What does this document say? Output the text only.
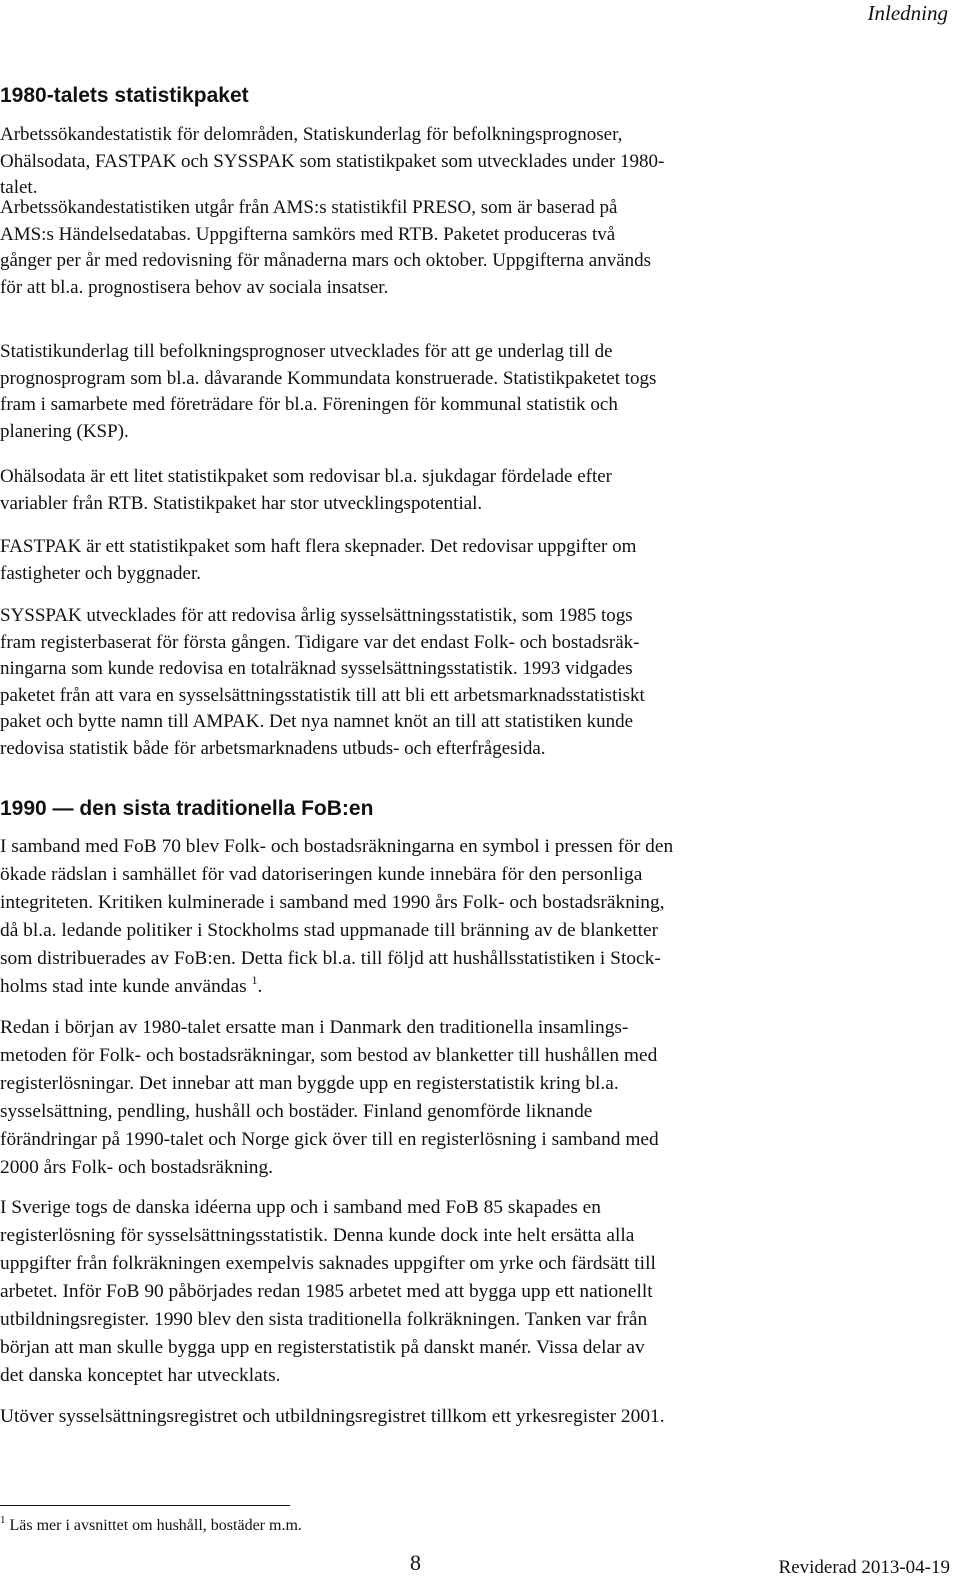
Inledning
1980-talets statistikpaket
Arbetssökandestatistik för delområden, Statiskunderlag för befolkningsprognoser,
Ohälsodata, FASTPAK och SYSSPAK som statistikpaket som utvecklades under 1980-
talet.
Arbetssökandestatistiken utgår från AMS:s statistikfil PRESO, som är baserad på
AMS:s Händelsedatabas. Uppgifterna samkörs med RTB. Paketet produceras två
gånger per år med redovisning för månaderna mars och oktober. Uppgifterna används
för att bl.a. prognostisera behov av sociala insatser.
Statistikunderlag till befolkningsprognoser utvecklades för att ge underlag till de
prognosprogram som bl.a. dåvarande Kommundata konstruerade. Statistikpaketet togs
fram i samarbete med företrädare för bl.a. Föreningen för kommunal statistik och
planering (KSP).
Ohälsodata är ett litet statistikpaket som redovisar bl.a. sjukdagar fördelade efter
variabler från RTB. Statistikpaket har stor utvecklingspotential.
FASTPAK är ett statistikpaket som haft flera skepnader. Det redovisar uppgifter om
fastigheter och byggnader.
SYSSPAK utvecklades för att redovisa årlig sysselsättningsstatistik, som 1985 togs
fram registerbaserat för första gången. Tidigare var det endast Folk- och bostadsräk-
ningarna som kunde redovisa en totalräknad sysselsättningsstatistik. 1993 vidgades
paketet från att vara en sysselsättningsstatistik till att bli ett arbetsmarknadsstatistiskt
paket och bytte namn till AMPAK. Det nya namnet knöt an till att statistiken kunde
redovisa statistik både för arbetsmarknadens utbuds- och efterfrågesida.
1990 — den sista traditionella FoB:en
I samband med FoB 70 blev Folk- och bostadsräkningarna en symbol i pressen för den
ökade rädslan i samhället för vad datoriseringen kunde innebära för den personliga
integriteten. Kritiken kulminerade i samband med 1990 års Folk- och bostadsräkning,
då bl.a. ledande politiker i Stockholms stad uppmanade till bränning av de blanketter
som distribuerades av FoB:en. Detta fick bl.a. till följd att hushållsstatistiken i Stock-
holms stad inte kunde användas $^1$.
Redan i början av 1980-talet ersatte man i Danmark den traditionella insamlings-
metoden för Folk- och bostadsräkningar, som bestod av blanketter till hushållen med
registerlösningar. Det innebar att man byggde upp en registerstatistik kring bl.a.
sysselsättning, pendling, hushåll och bostäder. Finland genomförde liknande
förändringar på 1990-talet och Norge gick över till en registerlösning i samband med
2000 års Folk- och bostadsräkning.
I Sverige togs de danska idéerna upp och i samband med FoB 85 skapades en
registerlösning för sysselsättningsstatistik. Denna kunde dock inte helt ersätta alla
uppgifter från folkräkningen exempelvis saknades uppgifter om yrke och färdsätt till
arbetet. Inför FoB 90 påbörjades redan 1985 arbetet med att bygga upp ett nationellt
utbildningsregister. 1990 blev den sista traditionella folkräkningen. Tanken var från
början att man skulle bygga upp en registerstatistik på danskt manér. Vissa delar av
det danska konceptet har utvecklats.
Utöver sysselsättningsregistret och utbildningsregistret tillkom ett yrkesregister 2001.
$^1$ Läs mer i avsnittet om hushåll, bostäder m.m.
8	Reviderad 2013-04-19
